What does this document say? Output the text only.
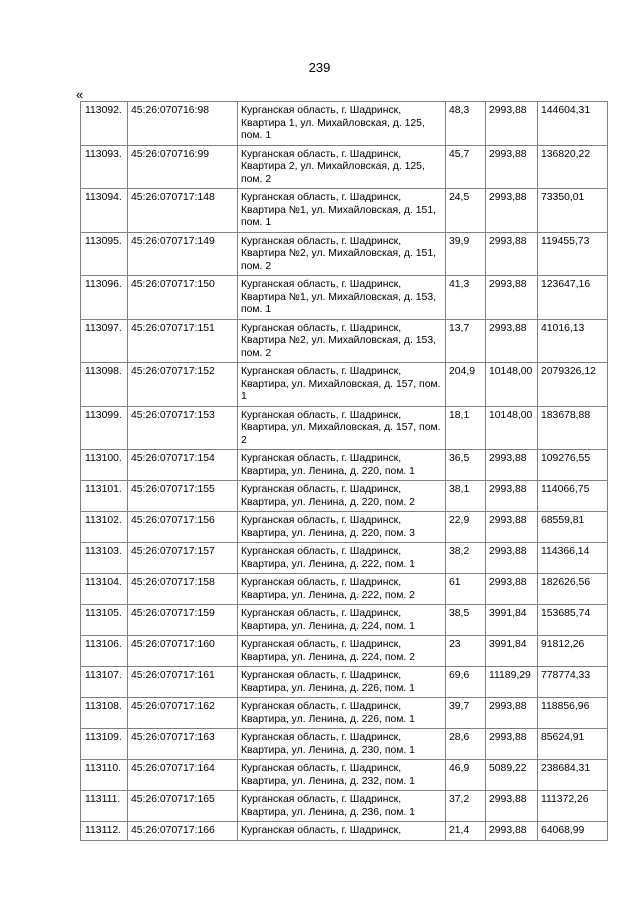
239
«
113092.	45:26:070716:98	Курганская область, г. Шадринск, Квартира 1, ул. Михайловская, д. 125, пом. 1	48,3	2993,88	144604,31
113093.	45:26:070716:99	Курганская область, г. Шадринск, Квартира 2, ул. Михайловская, д. 125, пом. 2	45,7	2993,88	136820,22
113094.	45:26:070717:148	Курганская область, г. Шадринск, Квартира №1, ул. Михайловская, д. 151, пом. 1	24,5	2993,88	73350,01
113095.	45:26:070717:149	Курганская область, г. Шадринск, Квартира №2, ул. Михайловская, д. 151, пом. 2	39,9	2993,88	119455,73
113096.	45:26:070717:150	Курганская область, г. Шадринск, Квартира №1, ул. Михайловская, д. 153, пом. 1	41,3	2993,88	123647,16
113097.	45:26:070717:151	Курганская область, г. Шадринск, Квартира №2, ул. Михайловская, д. 153, пом. 2	13,7	2993,88	41016,13
113098.	45:26:070717:152	Курганская область, г. Шадринск, Квартира, ул. Михайловская, д. 157, пом. 1	204,9	10148,00	2079326,12
113099.	45:26:070717:153	Курганская область, г. Шадринск, Квартира, ул. Михайловская, д. 157, пом. 2	18,1	10148,00	183678,88
113100.	45:26:070717:154	Курганская область, г. Шадринск, Квартира, ул. Ленина, д. 220, пом. 1	36,5	2993,88	109276,55
113101.	45:26:070717:155	Курганская область, г. Шадринск, Квартира, ул. Ленина, д. 220, пом. 2	38,1	2993,88	114066,75
113102.	45:26:070717:156	Курганская область, г. Шадринск, Квартира, ул. Ленина, д. 220, пом. 3	22,9	2993,88	68559,81
113103.	45:26:070717:157	Курганская область, г. Шадринск, Квартира, ул. Ленина, д. 222, пом. 1	38,2	2993,88	114366,14
113104.	45:26:070717:158	Курганская область, г. Шадринск, Квартира, ул. Ленина, д. 222, пом. 2	61	2993,88	182626,56
113105.	45:26:070717:159	Курганская область, г. Шадринск, Квартира, ул. Ленина, д. 224, пом. 1	38,5	3991,84	153685,74
113106.	45:26:070717:160	Курганская область, г. Шадринск, Квартира, ул. Ленина, д. 224, пом. 2	23	3991,84	91812,26
113107.	45:26:070717:161	Курганская область, г. Шадринск, Квартира, ул. Ленина, д. 226, пом. 1	69,6	11189,29	778774,33
113108.	45:26:070717:162	Курганская область, г. Шадринск, Квартира, ул. Ленина, д. 226, пом. 1	39,7	2993,88	118856,96
113109.	45:26:070717:163	Курганская область, г. Шадринск, Квартира, ул. Ленина, д. 230, пом. 1	28,6	2993,88	85624,91
113110.	45:26:070717:164	Курганская область, г. Шадринск, Квартира, ул. Ленина, д. 232, пом. 1	46,9	5089,22	238684,31
113111.	45:26:070717:165	Курганская область, г. Шадринск, Квартира, ул. Ленина, д. 236, пом. 1	37,2	2993,88	111372,26
113112.	45:26:070717:166	Курганская область, г. Шадринск,	21,4	2993,88	64068,99
